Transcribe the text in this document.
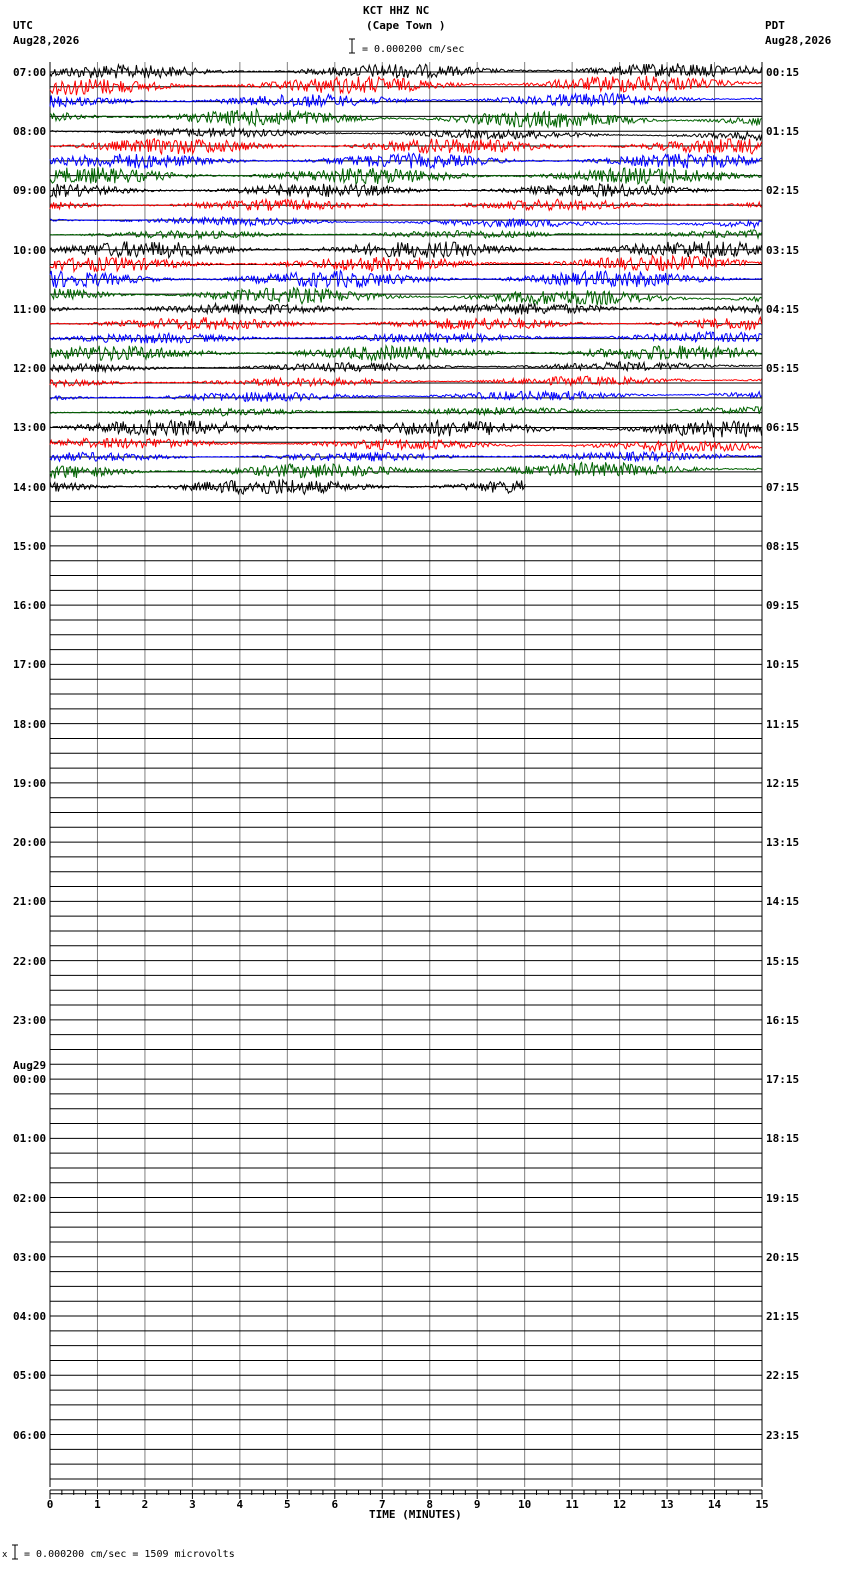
KCT HHZ NC
(Cape Town )
= 0.000200 cm/sec
UTC
Aug28,2026
PDT
Aug28,2026
0	1	2	3	4	5	6	7	8	9	10	11	12	13	14	15
07:00
08:00
09:00
10:00
11:00
12:00
13:00
14:00
15:00
16:00
17:00
18:00
19:00
20:00
21:00
22:00
23:00
00:00
Aug29
01:00
02:00
03:00
04:00
05:00
06:00
00:15
01:15
02:15
03:15
04:15
05:15
06:15
07:15
08:15
09:15
10:15
11:15
12:15
13:15
14:15
15:15
16:15
17:15
18:15
19:15
20:15
21:15
22:15
23:15
TIME (MINUTES)
x = 0.000200 cm/sec = 1509 microvolts
